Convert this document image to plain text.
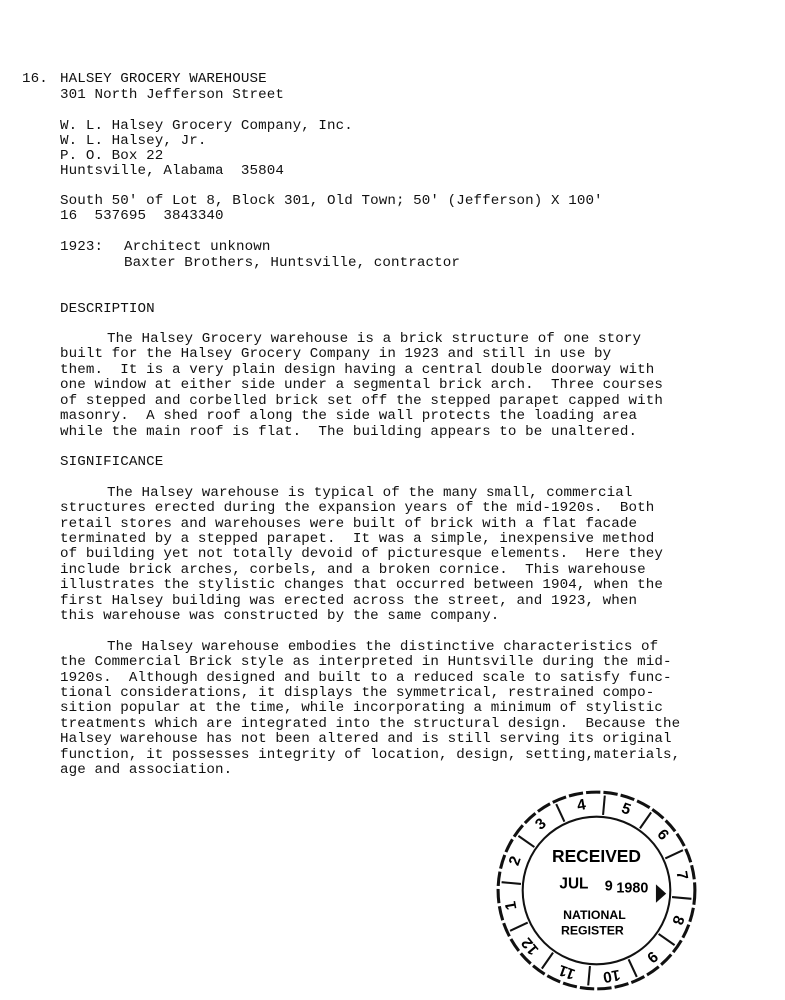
16. HALSEY GROCERY WAREHOUSE
301 North Jefferson Street
W. L. Halsey Grocery Company, Inc.
W. L. Halsey, Jr.
P. O. Box 22
Huntsville, Alabama  35804
South 50' of Lot 8, Block 301, Old Town; 50' (Jefferson) X 100'
16  537695  3843340
1923: Architect unknown
Baxter Brothers, Huntsville, contractor
DESCRIPTION
The Halsey Grocery warehouse is a brick structure of one story
built for the Halsey Grocery Company in 1923 and still in use by
them.  It is a very plain design having a central double doorway with
one window at either side under a segmental brick arch.  Three courses
of stepped and corbelled brick set off the stepped parapet capped with
masonry.  A shed roof along the side wall protects the loading area
while the main roof is flat.  The building appears to be unaltered.
SIGNIFICANCE
The Halsey warehouse is typical of the many small, commercial
structures erected during the expansion years of the mid-1920s.  Both
retail stores and warehouses were built of brick with a flat facade
terminated by a stepped parapet.  It was a simple, inexpensive method
of building yet not totally devoid of picturesque elements.  Here they
include brick arches, corbels, and a broken cornice.  This warehouse
illustrates the stylistic changes that occurred between 1904, when the
first Halsey building was erected across the street, and 1923, when
this warehouse was constructed by the same company.
The Halsey warehouse embodies the distinctive characteristics of
the Commercial Brick style as interpreted in Huntsville during the mid-
1920s.  Although designed and built to a reduced scale to satisfy func-
tional considerations, it displays the symmetrical, restrained compo-
sition popular at the time, while incorporating a minimum of stylistic
treatments which are integrated into the structural design.  Because the
Halsey warehouse has not been altered and is still serving its original
function, it possesses integrity of location, design, setting,materials,
age and association.
4 5
6
7
8
9
10
11
12
1
2
3
RECEIVED
JUL 9 1980
NATIONAL
REGISTER
